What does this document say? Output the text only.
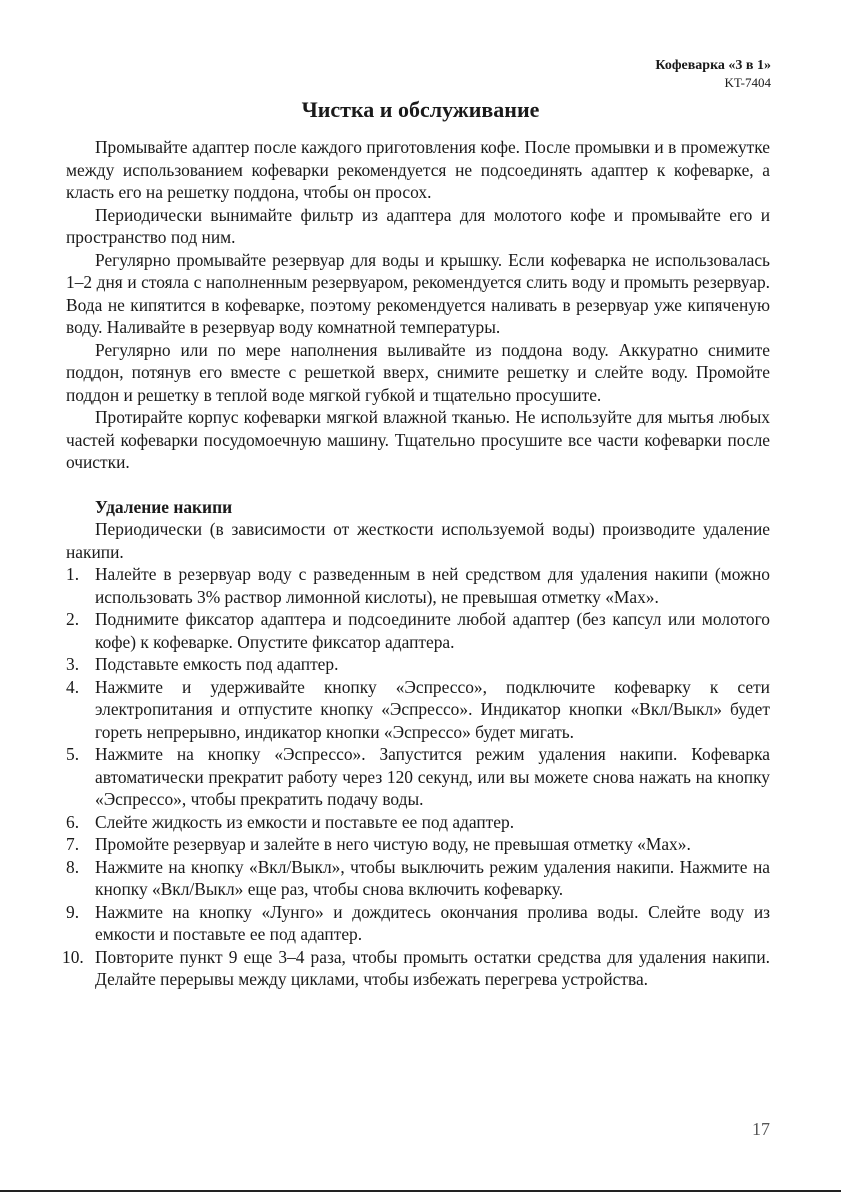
Кофеварка «3 в 1»
KT-7404
Чистка и обслуживание

Промывайте адаптер после каждого приготовления кофе. После промывки и в промежутке между использованием кофеварки рекомендуется не подсоединять адаптер к кофеварке, а класть его на решетку поддона, чтобы он просох.

Периодически вынимайте фильтр из адаптера для молотого кофе и промывайте его и пространство под ним.

Регулярно промывайте резервуар для воды и крышку. Если кофеварка не использовалась 1–2 дня и стояла с наполненным резервуаром, рекомендуется слить воду и промыть резервуар. Вода не кипятится в кофеварке, поэтому рекомендуется наливать в резервуар уже кипяченую воду. Наливайте в резервуар воду комнатной температуры.

Регулярно или по мере наполнения выливайте из поддона воду. Аккуратно снимите поддон, потянув его вместе с решеткой вверх, снимите решетку и слейте воду. Промойте поддон и решетку в теплой воде мягкой губкой и тщательно просушите.

Протирайте корпус кофеварки мягкой влажной тканью. Не используйте для мытья любых частей кофеварки посудомоечную машину. Тщательно просушите все части кофеварки после очистки.

Удаление накипи

Периодически (в зависимости от жесткости используемой воды) производите удаление накипи.

1. Налейте в резервуар воду с разведенным в ней средством для удаления накипи (можно использовать 3% раствор лимонной кислоты), не превышая отметку «Max».
2. Поднимите фиксатор адаптера и подсоедините любой адаптер (без капсул или молотого кофе) к кофеварке. Опустите фиксатор адаптера.
3. Подставьте емкость под адаптер.
4. Нажмите и удерживайте кнопку «Эспрессо», подключите кофеварку к сети электропитания и отпустите кнопку «Эспрессо». Индикатор кнопки «Вкл/Выкл» будет гореть непрерывно, индикатор кнопки «Эспрессо» будет мигать.
5. Нажмите на кнопку «Эспрессо». Запустится режим удаления накипи. Кофеварка автоматически прекратит работу через 120 секунд, или вы можете снова нажать на кнопку «Эспрессо», чтобы прекратить подачу воды.
6. Слейте жидкость из емкости и поставьте ее под адаптер.
7. Промойте резервуар и залейте в него чистую воду, не превышая отметку «Max».
8. Нажмите на кнопку «Вкл/Выкл», чтобы выключить режим удаления накипи. Нажмите на кнопку «Вкл/Выкл» еще раз, чтобы снова включить кофеварку.
9. Нажмите на кнопку «Лунго» и дождитесь окончания пролива воды. Слейте воду из емкости и поставьте ее под адаптер.
10. Повторите пункт 9 еще 3–4 раза, чтобы промыть остатки средства для удаления накипи. Делайте перерывы между циклами, чтобы избежать перегрева устройства.
17
